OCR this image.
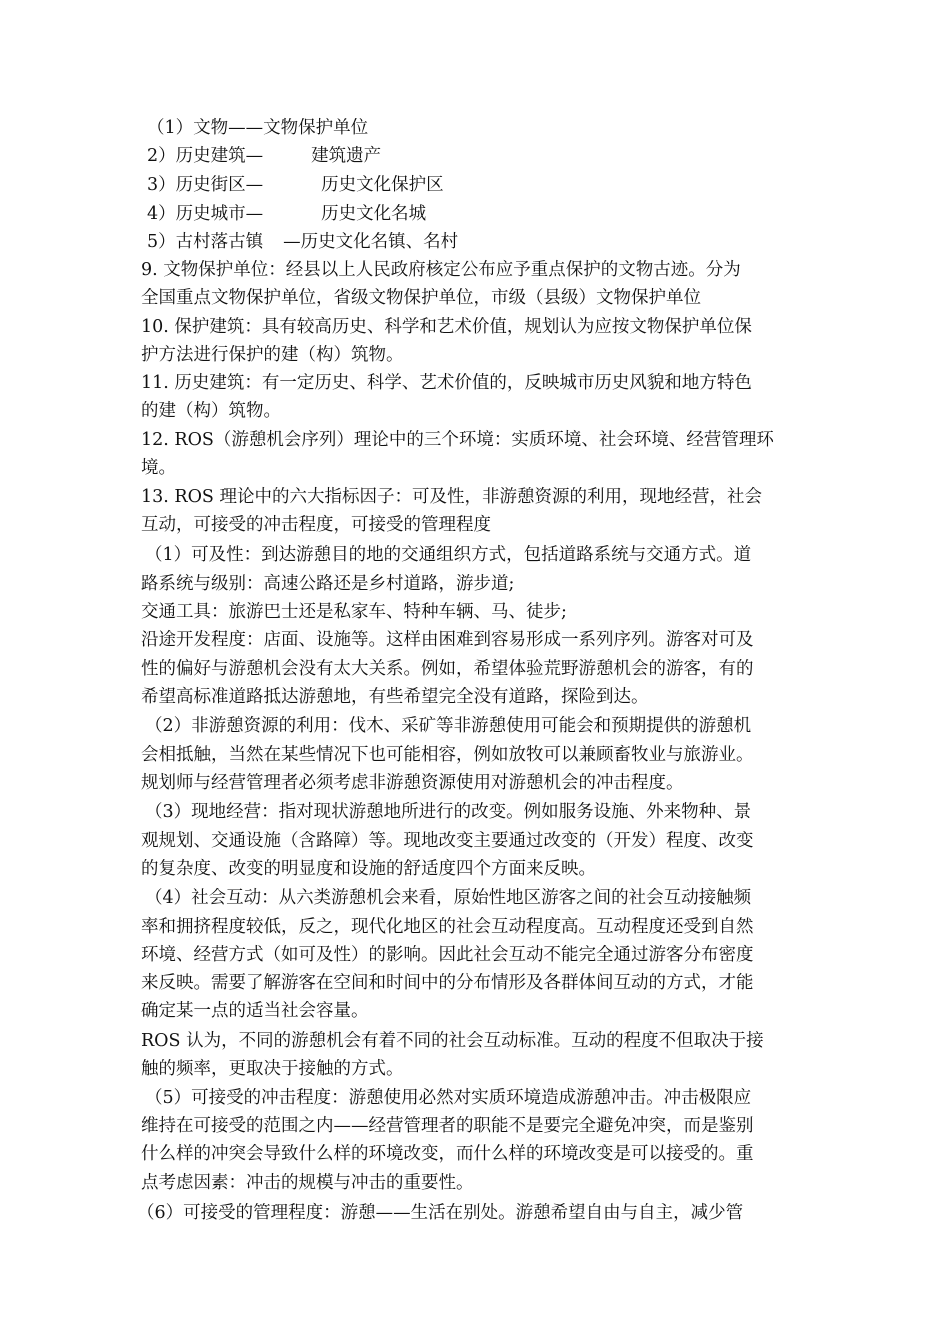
（1）文物——文物保护单位
2）历史建筑—	建筑遗产
3）历史街区—	历史文化保护区
4）历史城市—	历史文化名城
5）古村落古镇 —历史文化名镇、名村
9. 文物保护单位：经县以上人民政府核定公布应予重点保护的文物古迹。分为
全国重点文物保护单位，省级文物保护单位，市级（县级）文物保护单位
10. 保护建筑：具有较高历史、科学和艺术价值，规划认为应按文物保护单位保
护方法进行保护的建（构）筑物。
11. 历史建筑：有一定历史、科学、艺术价值的，反映城市历史风貌和地方特色
的建（构）筑物。
12. ROS（游憩机会序列）理论中的三个环境：实质环境、社会环境、经营管理环
境。
13. ROS 理论中的六大指标因子：可及性，非游憩资源的利用，现地经营，社会
互动，可接受的冲击程度，可接受的管理程度
（1）可及性：到达游憩目的地的交通组织方式，包括道路系统与交通方式。道
路系统与级别：高速公路还是乡村道路，游步道;
交通工具：旅游巴士还是私家车、特种车辆、马、徒步;
沿途开发程度：店面、设施等。这样由困难到容易形成一系列序列。游客对可及
性的偏好与游憩机会没有太大关系。例如，希望体验荒野游憩机会的游客，有的
希望高标准道路抵达游憩地，有些希望完全没有道路，探险到达。
（2）非游憩资源的利用：伐木、采矿等非游憩使用可能会和预期提供的游憩机
会相抵触，当然在某些情况下也可能相容，例如放牧可以兼顾畜牧业与旅游业。
规划师与经营管理者必须考虑非游憩资源使用对游憩机会的冲击程度。
（3）现地经营：指对现状游憩地所进行的改变。例如服务设施、外来物种、景
观规划、交通设施（含路障）等。现地改变主要通过改变的（开发）程度、改变
的复杂度、改变的明显度和设施的舒适度四个方面来反映。
（4）社会互动：从六类游憩机会来看，原始性地区游客之间的社会互动接触频
率和拥挤程度较低，反之，现代化地区的社会互动程度高。互动程度还受到自然
环境、经营方式（如可及性）的影响。因此社会互动不能完全通过游客分布密度
来反映。需要了解游客在空间和时间中的分布情形及各群体间互动的方式，才能
确定某一点的适当社会容量。
ROS 认为，不同的游憩机会有着不同的社会互动标准。互动的程度不但取决于接
触的频率，更取决于接触的方式。
（5）可接受的冲击程度：游憩使用必然对实质环境造成游憩冲击。冲击极限应
维持在可接受的范围之内——经营管理者的职能不是要完全避免冲突，而是鉴别
什么样的冲突会导致什么样的环境改变，而什么样的环境改变是可以接受的。重
点考虑因素：冲击的规模与冲击的重要性。
（6）可接受的管理程度：游憩——生活在别处。游憩希望自由与自主，减少管
